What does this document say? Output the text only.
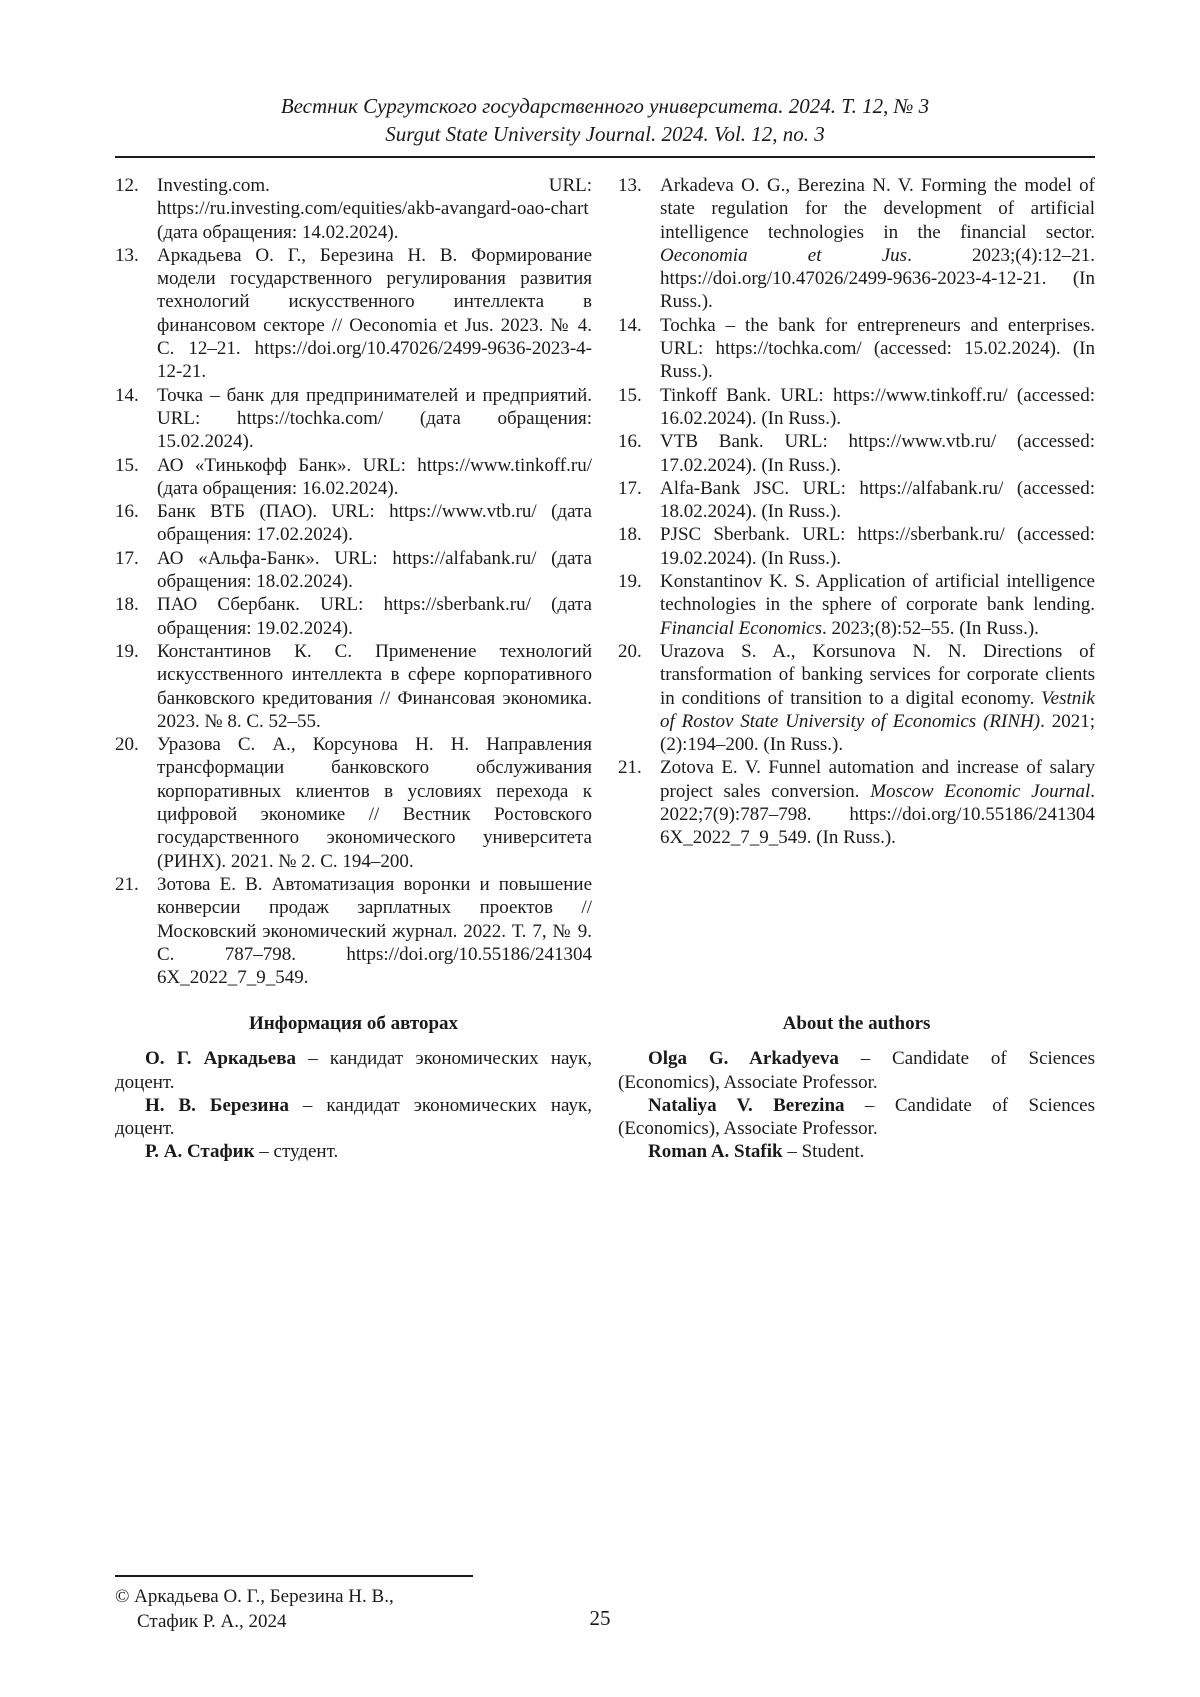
Вестник Сургутского государственного университета. 2024. Т. 12, № 3
Surgut State University Journal. 2024. Vol. 12, no. 3
12. Investing.com. URL: https://ru.investing.com/equities/akb-avangard-oao-chart (дата обращения: 14.02.2024).
13. Аркадьева О. Г., Березина Н. В. Формирование модели государственного регулирования развития технологий искусственного интеллекта в финансовом секторе // Oeconomia et Jus. 2023. № 4. С. 12–21. https://doi.org/10.47026/2499-9636-2023-4-12-21.
14. Точка – банк для предпринимателей и предприятий. URL: https://tochka.com/ (дата обращения: 15.02.2024).
15. АО «Тинькофф Банк». URL: https://www.tinkoff.ru/ (дата обращения: 16.02.2024).
16. Банк ВТБ (ПАО). URL: https://www.vtb.ru/ (дата обращения: 17.02.2024).
17. АО «Альфа-Банк». URL: https://alfabank.ru/ (дата обращения: 18.02.2024).
18. ПАО Сбербанк. URL: https://sberbank.ru/ (дата обращения: 19.02.2024).
19. Константинов К. С. Применение технологий искусственного интеллекта в сфере корпоративного банковского кредитования // Финансовая экономика. 2023. № 8. С. 52–55.
20. Уразова С. А., Корсунова Н. Н. Направления трансформации банковского обслуживания корпоративных клиентов в условиях перехода к цифровой экономике // Вестник Ростовского государственного экономического университета (РИНХ). 2021. № 2. С. 194–200.
21. Зотова Е. В. Автоматизация воронки и повышение конверсии продаж зарплатных проектов // Московский экономический журнал. 2022. Т. 7, № 9. С. 787–798. https://doi.org/10.55186/241304 6X_2022_7_9_549.
13. Arkadeva O. G., Berezina N. V. Forming the model of state regulation for the development of artificial intelligence technologies in the financial sector. Oeconomia et Jus. 2023;(4):12–21. https://doi.org/10.47026/2499-9636-2023-4-12-21. (In Russ.).
14. Tochka – the bank for entrepreneurs and enterprises. URL: https://tochka.com/ (accessed: 15.02.2024). (In Russ.).
15. Tinkoff Bank. URL: https://www.tinkoff.ru/ (accessed: 16.02.2024). (In Russ.).
16. VTB Bank. URL: https://www.vtb.ru/ (accessed: 17.02.2024). (In Russ.).
17. Alfa-Bank JSC. URL: https://alfabank.ru/ (accessed: 18.02.2024). (In Russ.).
18. PJSC Sberbank. URL: https://sberbank.ru/ (accessed: 19.02.2024). (In Russ.).
19. Konstantinov K. S. Application of artificial intelligence technologies in the sphere of corporate bank lending. Financial Economics. 2023;(8):52–55. (In Russ.).
20. Urazova S. A., Korsunova N. N. Directions of transformation of banking services for corporate clients in conditions of transition to a digital economy. Vestnik of Rostov State University of Economics (RINH). 2021;(2):194–200. (In Russ.).
21. Zotova E. V. Funnel automation and increase of salary project sales conversion. Moscow Economic Journal. 2022;7(9):787–798. https://doi.org/10.55186/241304 6X_2022_7_9_549. (In Russ.).
Информация об авторах
О. Г. Аркадьева – кандидат экономических наук, доцент.
Н. В. Березина – кандидат экономических наук, доцент.
Р. А. Стафик – студент.
About the authors
Olga G. Arkadyeva – Candidate of Sciences (Economics), Associate Professor.
Nataliya V. Berezina – Candidate of Sciences (Economics), Associate Professor.
Roman A. Stafik – Student.
© Аркадьева О. Г., Березина Н. В.,
Стафик Р. А., 2024	25
